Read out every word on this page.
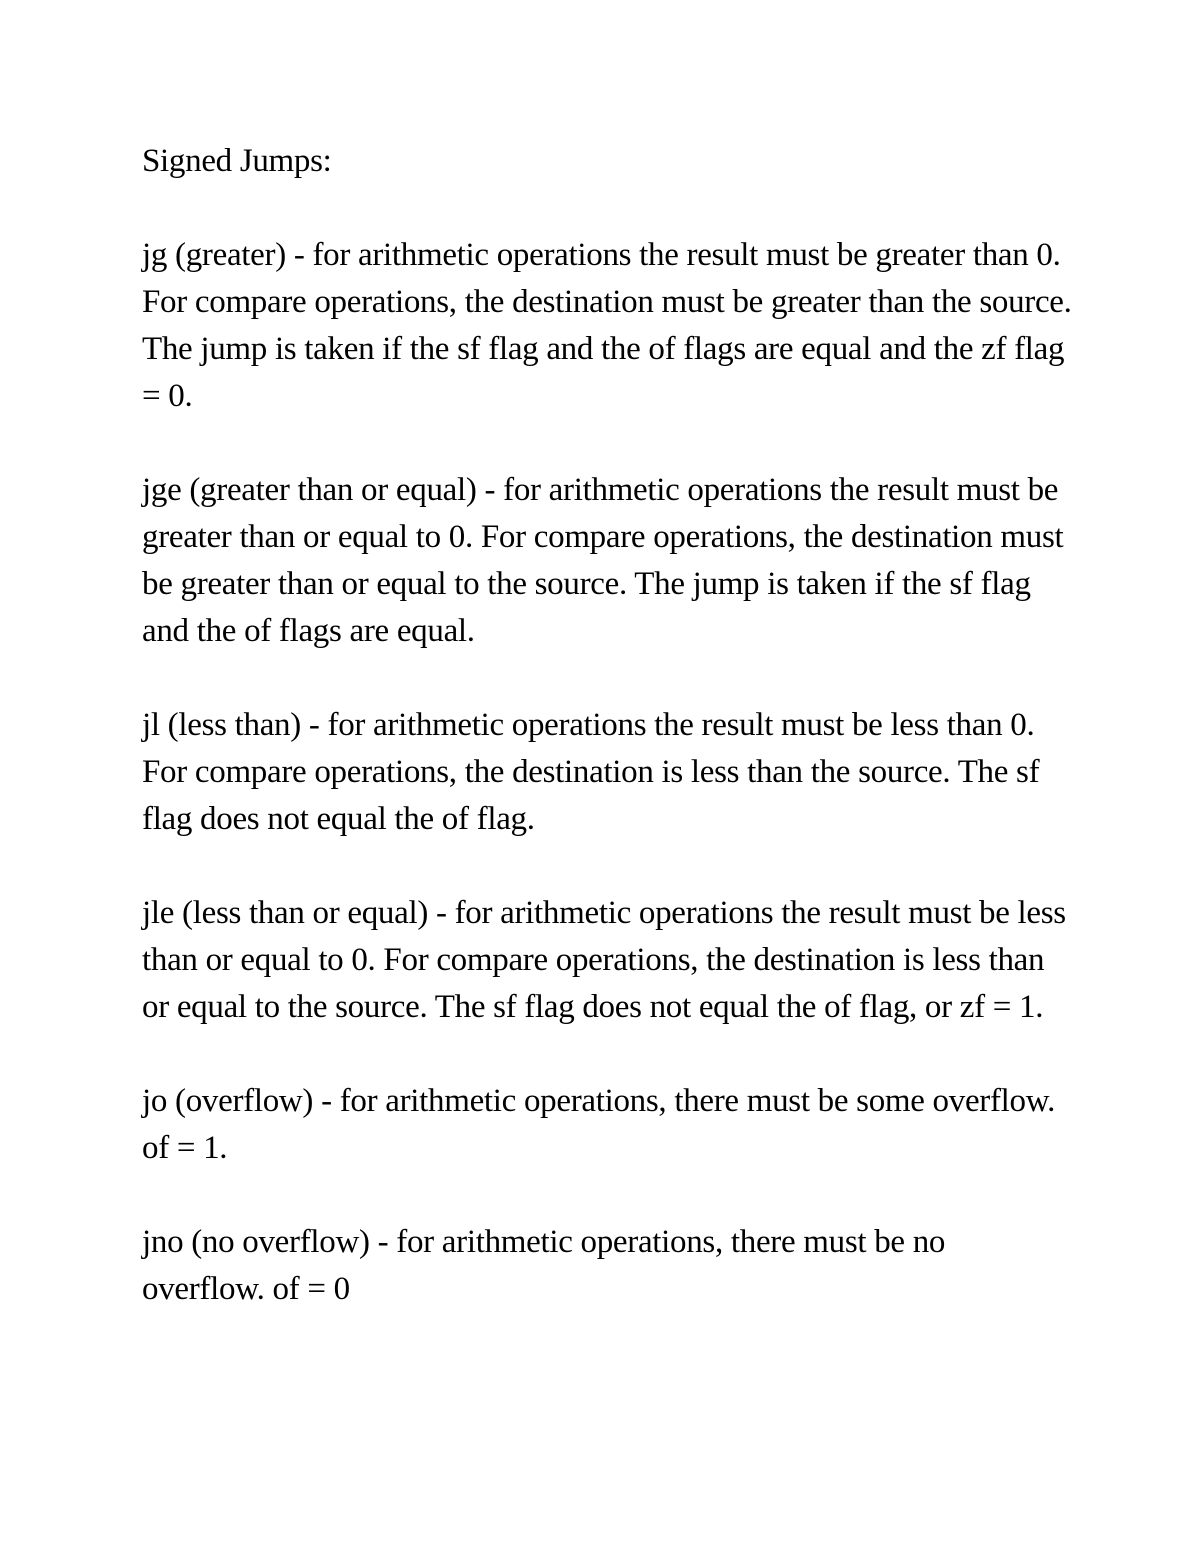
Signed Jumps:

jg (greater) - for arithmetic operations the result must be greater than 0. For compare operations, the destination must be greater than the source. The jump is taken if the sf flag and the of flags are equal and the zf flag = 0.

jge (greater than or equal) - for arithmetic operations the result must be greater than or equal to 0. For compare operations, the destination must be greater than or equal to the source. The jump is taken if the sf flag and the of flags are equal.

jl (less than) - for arithmetic operations the result must be less than 0. For compare operations, the destination is less than the source. The sf flag does not equal the of flag.

jle (less than or equal) - for arithmetic operations the result must be less than or equal to 0. For compare operations, the destination is less than or equal to the source. The sf flag does not equal the of flag, or zf = 1.

jo (overflow) - for arithmetic operations, there must be some overflow. of = 1.

jno (no overflow) - for arithmetic operations, there must be no overflow. of = 0
